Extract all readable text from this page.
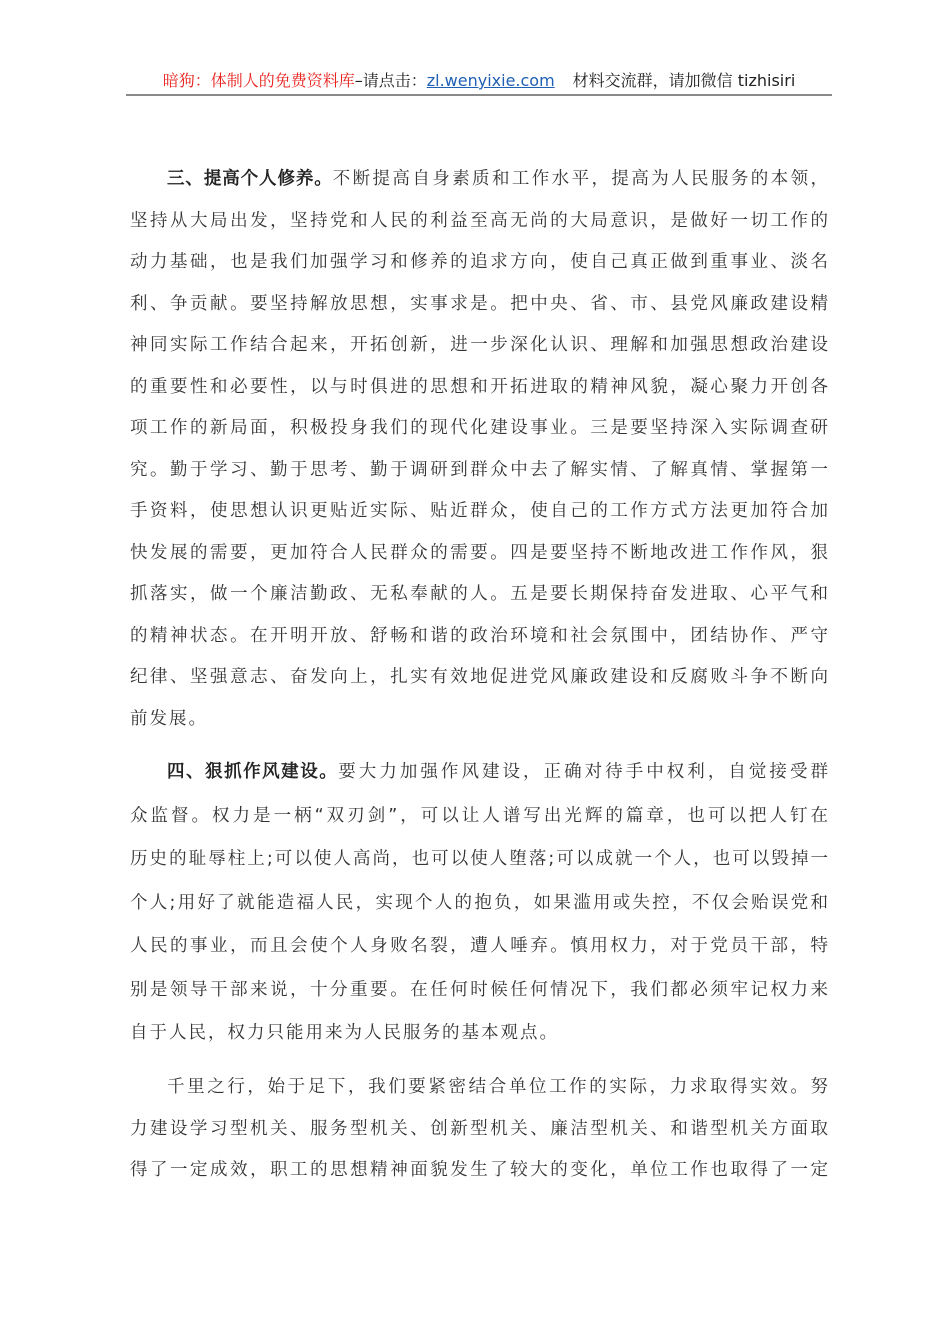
暗狗：体制人的免费资料库–请点击：zl.wenyixie.com 材料交流群，请加微信 tizhisiri
三、提高个人修养。不断提高自身素质和工作水平，提高为人民服务的本领，
坚持从大局出发，坚持党和人民的利益至高无尚的大局意识，是做好一切工作的
动力基础，也是我们加强学习和修养的追求方向，使自己真正做到重事业、淡名
利、争贡献。要坚持解放思想，实事求是。把中央、省、市、县党风廉政建设精
神同实际工作结合起来，开拓创新，进一步深化认识、理解和加强思想政治建设
的重要性和必要性，以与时俱进的思想和开拓进取的精神风貌，凝心聚力开创各
项工作的新局面，积极投身我们的现代化建设事业。三是要坚持深入实际调查研
究。勤于学习、勤于思考、勤于调研到群众中去了解实情、了解真情、掌握第一
手资料，使思想认识更贴近实际、贴近群众，使自己的工作方式方法更加符合加
快发展的需要，更加符合人民群众的需要。四是要坚持不断地改进工作作风，狠
抓落实，做一个廉洁勤政、无私奉献的人。五是要长期保持奋发进取、心平气和
的精神状态。在开明开放、舒畅和谐的政治环境和社会氛围中，团结协作、严守
纪律、坚强意志、奋发向上，扎实有效地促进党风廉政建设和反腐败斗争不断向
前发展。
四、狠抓作风建设。要大力加强作风建设，正确对待手中权利，自觉接受群
众监督。权力是一柄“双刃剑”，可以让人谱写出光辉的篇章，也可以把人钉在
历史的耻辱柱上;可以使人高尚，也可以使人堕落;可以成就一个人，也可以毁掉一
个人;用好了就能造福人民，实现个人的抱负，如果滥用或失控，不仅会贻误党和
人民的事业，而且会使个人身败名裂，遭人唾弃。慎用权力，对于党员干部，特
别是领导干部来说，十分重要。在任何时候任何情况下，我们都必须牢记权力来
自于人民，权力只能用来为人民服务的基本观点。
千里之行，始于足下，我们要紧密结合单位工作的实际，力求取得实效。努
力建设学习型机关、服务型机关、创新型机关、廉洁型机关、和谐型机关方面取
得了一定成效，职工的思想精神面貌发生了较大的变化，单位工作也取得了一定
